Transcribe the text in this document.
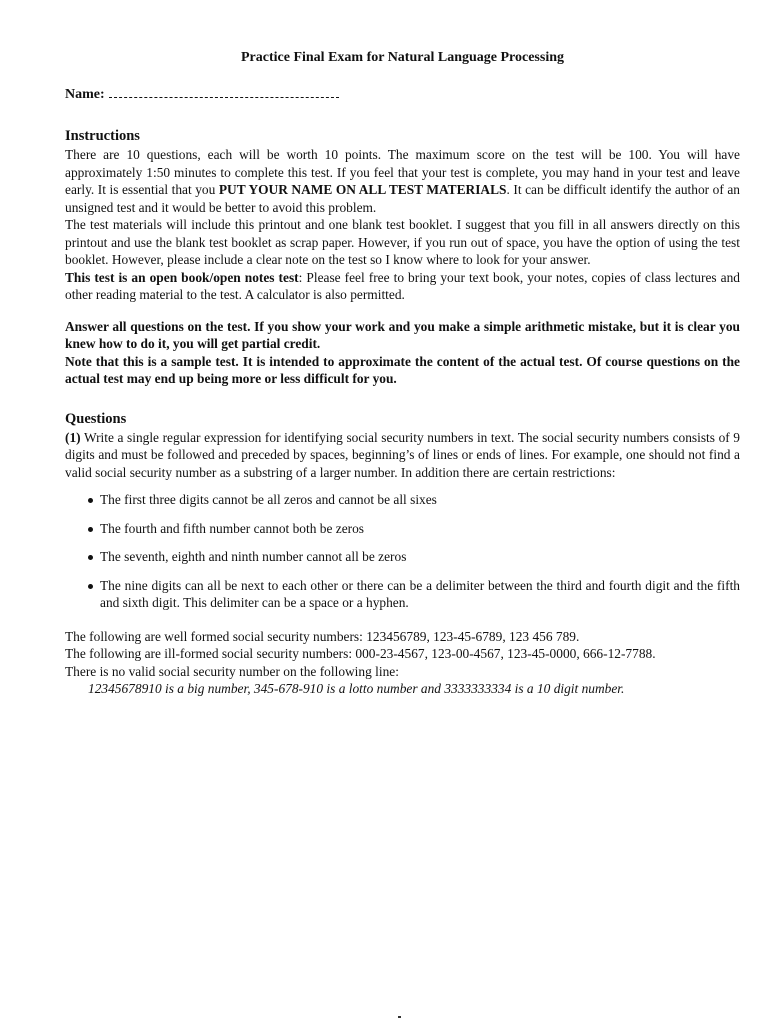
Practice Final Exam for Natural Language Processing
Name:
Instructions

There are 10 questions, each will be worth 10 points. The maximum score on the test will be 100. You will have approximately 1:50 minutes to complete this test. If you feel that your test is complete, you may hand in your test and leave early. It is essential that you PUT YOUR NAME ON ALL TEST MATERIALS. It can be difficult identify the author of an unsigned test and it would be better to avoid this problem.

The test materials will include this printout and one blank test booklet. I suggest that you fill in all answers directly on this printout and use the blank test booklet as scrap paper. However, if you run out of space, you have the option of using the test booklet. However, please include a clear note on the test so I know where to look for your answer.

This test is an open book/open notes test: Please feel free to bring your text book, your notes, copies of class lectures and other reading material to the test. A calculator is also permitted.

Answer all questions on the test. If you show your work and you make a simple arithmetic mistake, but it is clear you knew how to do it, you will get partial credit.

Note that this is a sample test. It is intended to approximate the content of the actual test. Of course questions on the actual test may end up being more or less difficult for you.

Questions

(1) Write a single regular expression for identifying social security numbers in text. The social security numbers consists of 9 digits and must be followed and preceded by spaces, beginning’s of lines or ends of lines. For example, one should not find a valid social security number as a substring of a larger number. In addition there are certain restrictions:

The first three digits cannot be all zeros and cannot be all sixes
The fourth and fifth number cannot both be zeros
The seventh, eighth and ninth number cannot all be zeros
The nine digits can all be next to each other or there can be a delimiter between the third and fourth digit and the fifth and sixth digit. This delimiter can be a space or a hyphen.

The following are well formed social security numbers: 123456789, 123-45-6789, 123 456 789.

The following are ill-formed social security numbers: 000-23-4567, 123-00-4567, 123-45-0000, 666-12-7788.

There is no valid social security number on the following line:

12345678910 is a big number, 345-678-910 is a lotto number and 3333333334 is a 10 digit number.
